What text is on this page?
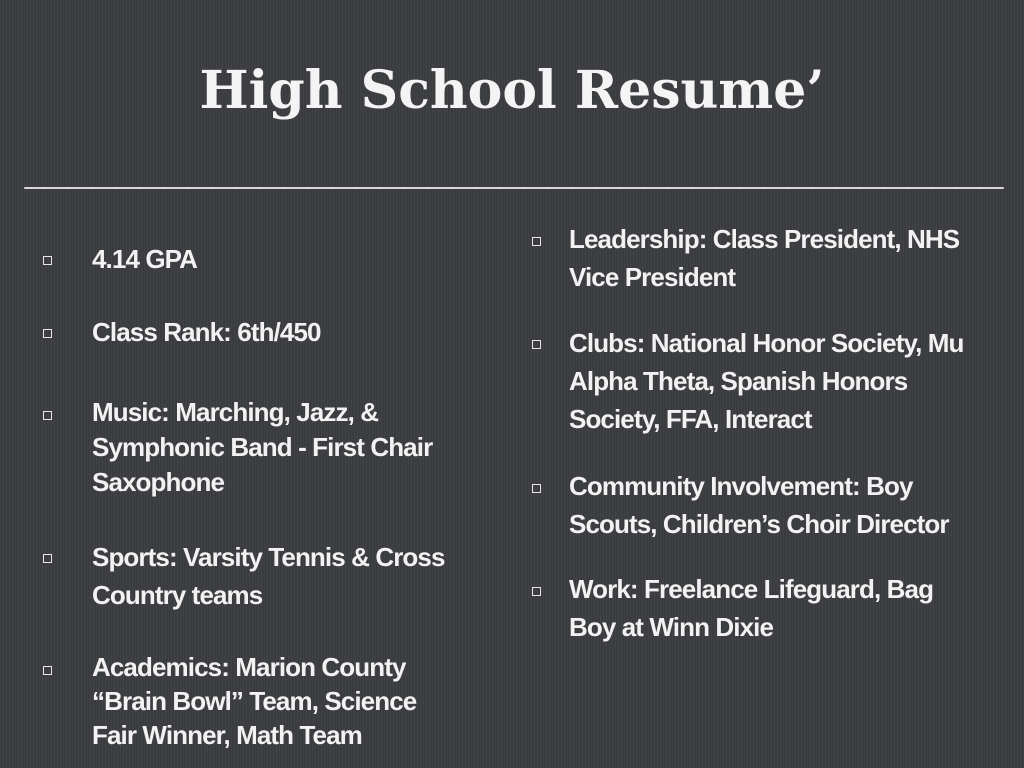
High School Resume’

4.14 GPA

Class Rank: 6th/450

Music: Marching, Jazz, & Symphonic Band - First Chair Saxophone

Sports: Varsity Tennis & Cross Country teams

Academics: Marion County “Brain Bowl” Team, Science Fair Winner, Math Team

Leadership: Class President, NHS Vice President

Clubs: National Honor Society, Mu Alpha Theta, Spanish Honors Society, FFA, Interact

Community Involvement: Boy Scouts, Children’s Choir Director

Work: Freelance Lifeguard, Bag Boy at Winn Dixie
